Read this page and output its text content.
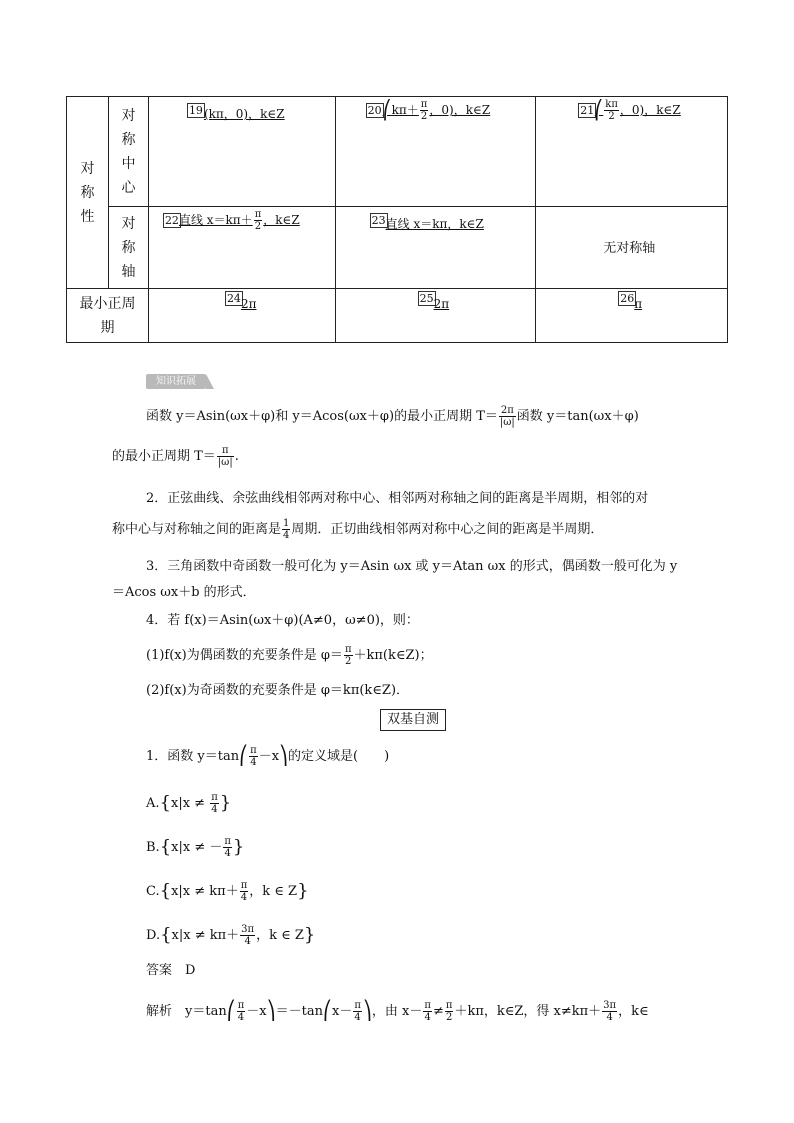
对称性	对称中心	19 (kπ，0)，k∈Z	20 ⎛kπ＋ $\frac{\pi}{2}$ ，0)，k∈Z	21 ⎛ $\frac{k\pi}{2}$ ，0)，k∈Z

	对称轴	22 直线 $x=k\pi+ \frac{\pi}{2}$ ，k∈Z	23 直线 x＝kπ，k∈Z	无对称轴

最小正周期		24 2π	25 2π	26 π
知识拓展
函数 y＝Asin(ωx＋φ)和 y＝Acos(ωx＋φ)的最小正周期 $T= \frac{2\pi}{|\omega|}$ 函数 y＝tan(ωx＋φ)
的最小正周期 $T= \frac{\pi}{|\omega|}$ .
2．正弦曲线、余弦曲线相邻两对称中心、相邻两对称轴之间的距离是半周期，相邻的对
称中心与对称轴之间的距离是 $\frac{1}{4}$ 周期．正切曲线相邻两对称中心之间的距离是半周期．
3．三角函数中奇函数一般可化为 y＝Asin ωx 或 y＝Atan ωx 的形式，偶函数一般可化为 y
＝Acos ωx＋b 的形式．
4．若 f(x)＝Asin(ωx＋φ)(A≠0，ω≠0)，则：
(1)f(x)为偶函数的充要条件是 $\varphi= \frac{\pi}{2}$ ＋kπ(k∈Z)；
(2)f(x)为奇函数的充要条件是 φ＝kπ(k∈Z)．
双基自测
1．函数 y＝tan⎛ $\frac{\pi}{4}$ －x⎞的定义域是(　　)
$A.\{x|x \ne \frac{\pi}{4}$ }
B.{x|x ≠ － $\frac{\pi}{4}$ }
$C.\{x|x \ne k\pi+ \frac{\pi}{4}$ ，k ∈ Z}
$D.\{x|x \ne k\pi+ \frac{3\pi}{4}$ ，k ∈ Z}
答案　D
解析　y＝tan⎛ $\frac{\pi}{4}$ －x⎞＝－tan⎛x－ $\frac{\pi}{4}$ ⎞，由 $x- \frac{\pi}{4} \ne \frac{\pi}{2} +k\pi$，k∈Z，得 $x\ne k\pi+ \frac{3\pi}{4}$ ，k∈
